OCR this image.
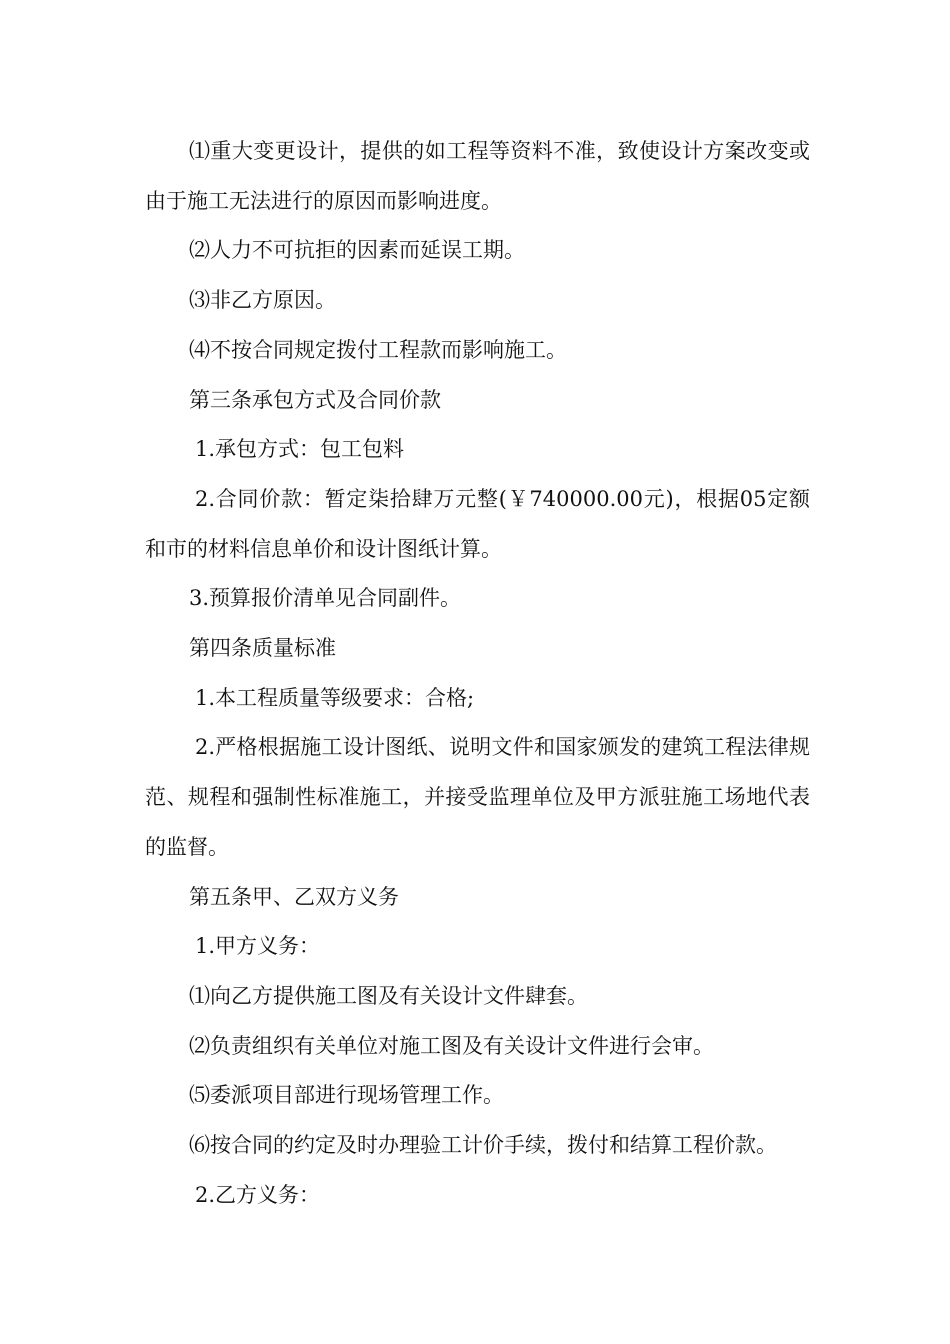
⑴重大变更设计，提供的如工程等资料不准，致使设计方案改变或由于施工无法进行的原因而影响进度。

⑵人力不可抗拒的因素而延误工期。

⑶非乙方原因。

⑷不按合同规定拨付工程款而影响施工。

第三条承包方式及合同价款

1.承包方式：包工包料

2.合同价款：暂定柒拾肆万元整(￥740000.00元)，根据05定额和市的材料信息单价和设计图纸计算。

3.预算报价清单见合同副件。

第四条质量标准

1.本工程质量等级要求：合格;

2.严格根据施工设计图纸、说明文件和国家颁发的建筑工程法律规范、规程和强制性标准施工，并接受监理单位及甲方派驻施工场地代表的监督。

第五条甲、乙双方义务

1.甲方义务：

⑴向乙方提供施工图及有关设计文件肆套。

⑵负责组织有关单位对施工图及有关设计文件进行会审。

⑸委派项目部进行现场管理工作。

⑹按合同的约定及时办理验工计价手续，拨付和结算工程价款。

2.乙方义务：
